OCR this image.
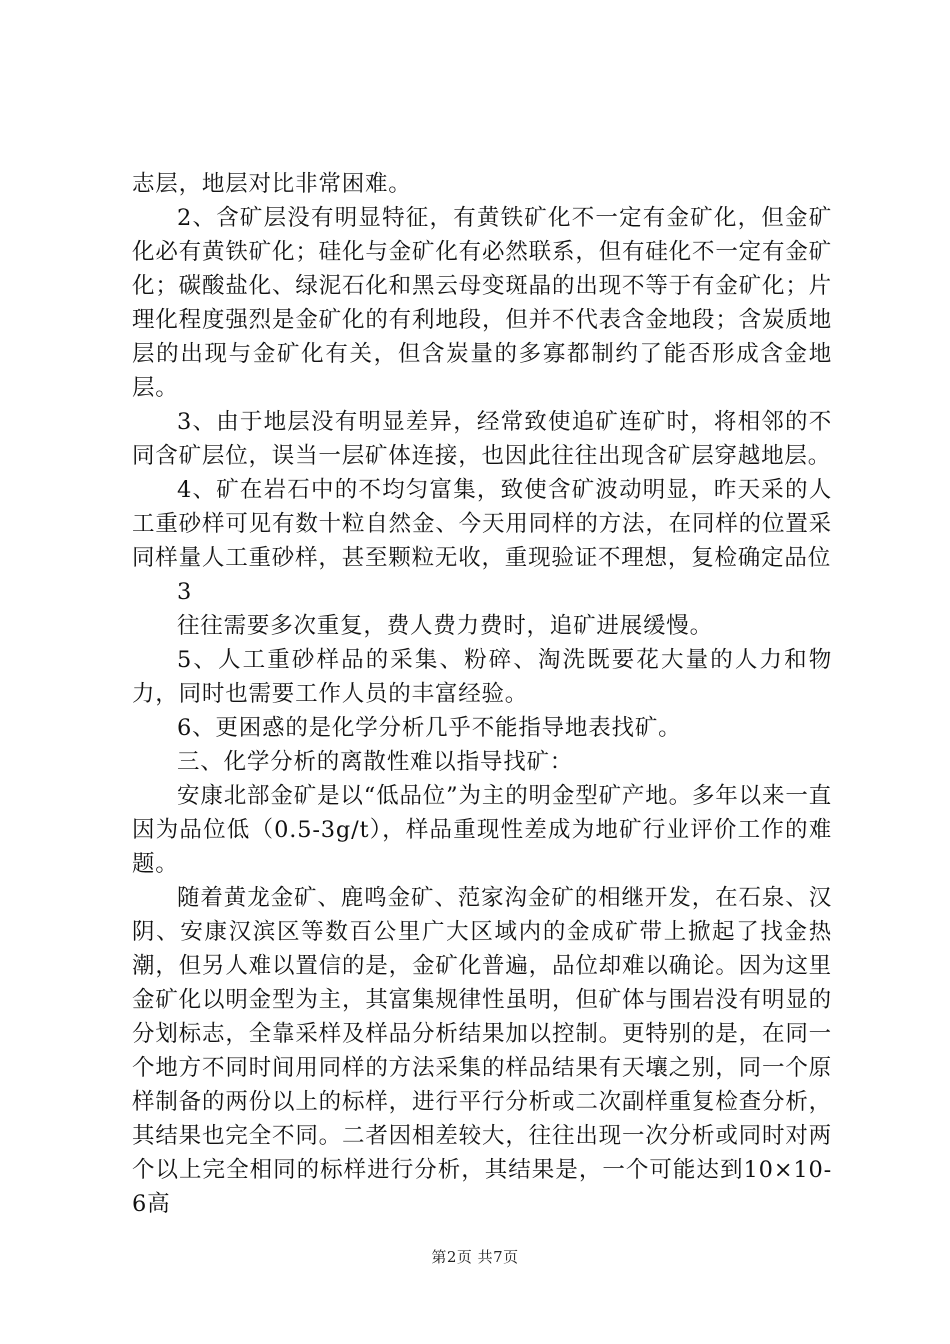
志层，地层对比非常困难。

2、含矿层没有明显特征，有黄铁矿化不一定有金矿化，但金矿化必有黄铁矿化；硅化与金矿化有必然联系，但有硅化不一定有金矿化；碳酸盐化、绿泥石化和黑云母变斑晶的出现不等于有金矿化；片理化程度强烈是金矿化的有利地段，但并不代表含金地段；含炭质地层的出现与金矿化有关，但含炭量的多寡都制约了能否形成含金地层。

3、由于地层没有明显差异，经常致使追矿连矿时，将相邻的不同含矿层位，误当一层矿体连接，也因此往往出现含矿层穿越地层。

4、矿在岩石中的不均匀富集，致使含矿波动明显，昨天采的人工重砂样可见有数十粒自然金、今天用同样的方法，在同样的位置采同样量人工重砂样，甚至颗粒无收，重现验证不理想，复检确定品位

3

往往需要多次重复，费人费力费时，追矿进展缓慢。

5、人工重砂样品的采集、粉碎、淘洗既要花大量的人力和物力，同时也需要工作人员的丰富经验。

6、更困惑的是化学分析几乎不能指导地表找矿。

三、化学分析的离散性难以指导找矿：

安康北部金矿是以“低品位”为主的明金型矿产地。多年以来一直因为品位低（0.5-3g/t），样品重现性差成为地矿行业评价工作的难题。

随着黄龙金矿、鹿鸣金矿、范家沟金矿的相继开发，在石泉、汉阴、安康汉滨区等数百公里广大区域内的金成矿带上掀起了找金热潮，但另人难以置信的是，金矿化普遍，品位却难以确论。因为这里金矿化以明金型为主，其富集规律性虽明，但矿体与围岩没有明显的分划标志，全靠采样及样品分析结果加以控制。更特别的是，在同一个地方不同时间用同样的方法采集的样品结果有天壤之别，同一个原样制备的两份以上的标样，进行平行分析或二次副样重复检查分析，其结果也完全不同。二者因相差较大，往往出现一次分析或同时对两个以上完全相同的标样进行分析，其结果是，一个可能达到10×10-6高

第2页 共7页
